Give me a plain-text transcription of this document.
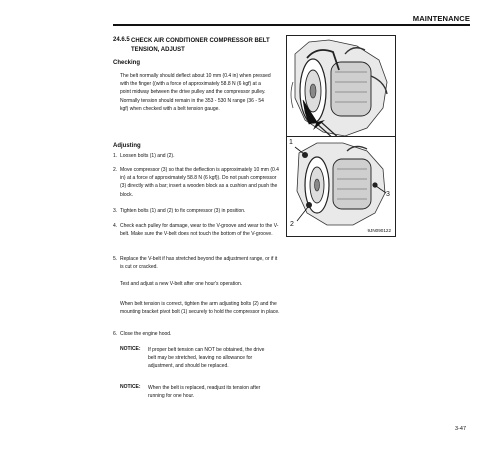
MAINTENANCE
24.6.5 CHECK AIR CONDITIONER COMPRESSOR BELT TENSION, ADJUST
Checking
The belt normally should deflect about 10 mm (0.4 in) when pressed with the finger ((with a force of approximately 58.8 N (6 kgf) at a point midway between the drive pulley and the compressor pulley. Normally tension should remain in the 353 - 530 N range (36 - 54 kgf) when checked with a belt tension gauge.
Adjusting
1. Loosen bolts (1) and (2).
2. Move compressor (3) so that the deflection is approximately 10 mm (0.4 in) at a force of approximately 58.8 N (6 kgf)). Do not push compressor (3) directly with a bar; insert a wooden block as a cushion and push the block.
3. Tighten bolts (1) and (2) to fix compressor (3) in position.
4. Check each pulley for damage, wear to the V-groove and wear to the V-belt. Make sure the V-belt does not touch the bottom of the V-groove.
5. Replace the V-belt if has stretched beyond the adjustment range, or if it is cut or cracked.
Test and adjust a new V-belt after one hour's operation.
When belt tension is correct, tighten the arm adjusting bolts (2) and the mounting bracket pivot bolt (1) securely to hold the compressor in place.
6. Close the engine hood.
NOTICE: If proper belt tension can NOT be obtained, the drive belt may be stretched, leaving no allowance for adjustment, and should be replaced.
NOTICE: When the belt is replaced, readjust its tension after running for one hour.
1
2
3
9JN090122
3-47
